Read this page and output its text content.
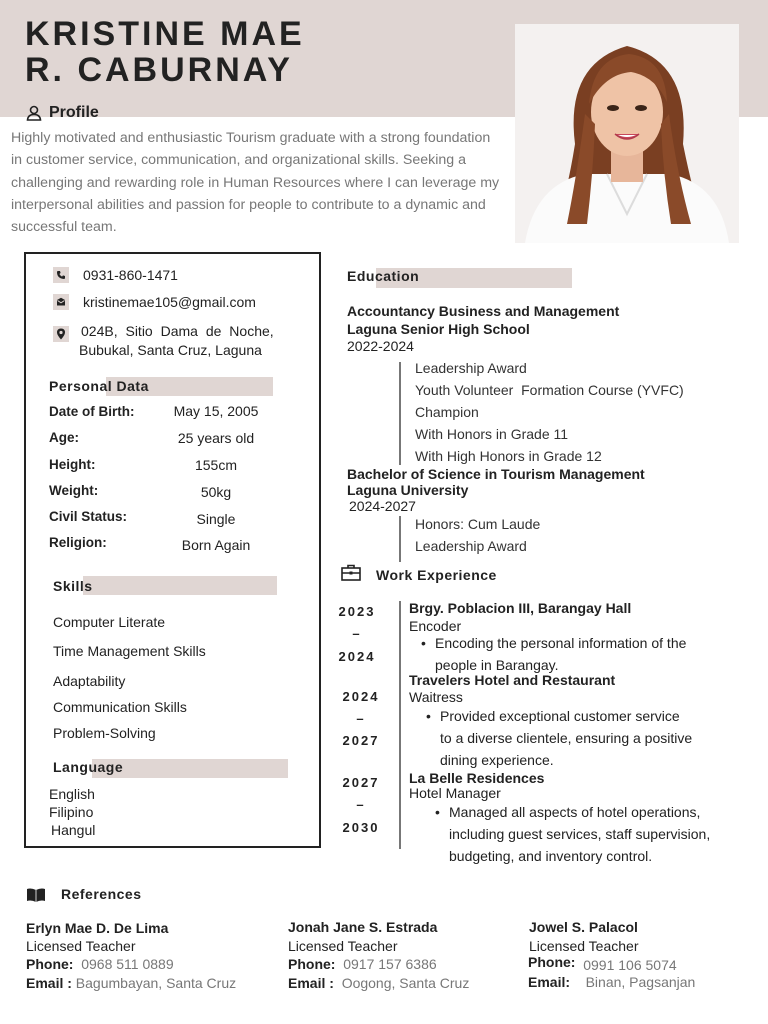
KRISTINE MAE
R. CABURNAY
Profile
Highly motivated and enthusiastic Tourism graduate with a strong foundation in customer service, communication, and organizational skills. Seeking a challenging and rewarding role in Human Resources where I can leverage my interpersonal abilities and passion for people to contribute to a dynamic and successful team.
0931-860-1471
kristinemae105@gmail.com
024B, Sitio Dama de Noche,
Bubukal, Santa Cruz, Laguna
Personal Data
Date of Birth:	May 15, 2005
Age:	25 years old
Height:	155cm
Weight:	50kg
Civil Status:	Single
Religion:	Born Again
Skills
Computer Literate
Time Management Skills
Adaptability
Communication Skills
Problem-Solving
Language
English
Filipino
Hangul
Education
Accountancy Business and Management
Laguna Senior High School
2022-2024
Leadership Award
Youth Volunteer  Formation Course (YVFC)
Champion
With Honors in Grade 11
With High Honors in Grade 12
Bachelor of Science in Tourism Management
Laguna University
2024-2027
Honors: Cum Laude
Leadership Award
Work Experience
2023
–
2024
Brgy. Poblacion III, Barangay Hall
Encoder
• Encoding the personal information of the
people in Barangay.
2024
–
2027
Travelers Hotel and Restaurant
Waitress
• Provided exceptional customer service
to a diverse clientele, ensuring a positive
dining experience.
2027
–
2030
La Belle Residences
Hotel Manager
• Managed all aspects of hotel operations,
including guest services, staff supervision,
budgeting, and inventory control.
References
Erlyn Mae D. De Lima
Licensed Teacher
Phone: 0968 511 0889
Email : Bagumbayan, Santa Cruz
Jonah Jane S. Estrada
Licensed Teacher
Phone: 0917 157 6386
Email : Oogong, Santa Cruz
Jowel S. Palacol
Licensed Teacher
Phone: 0991 106 5074
Email: Binan, Pagsanjan
